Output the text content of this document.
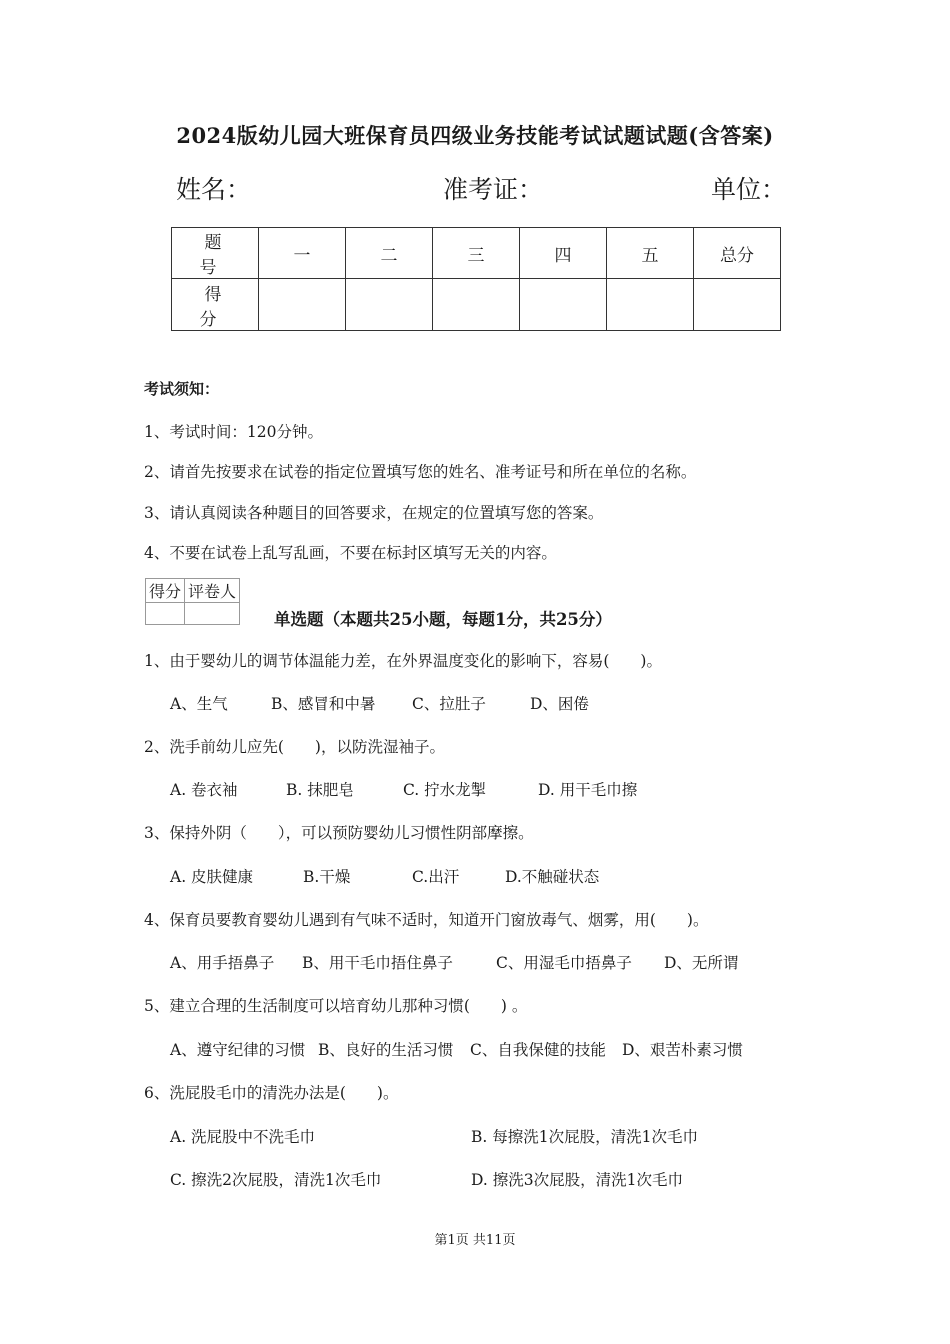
2024版幼儿园大班保育员四级业务技能考试试题试题(含答案)
姓名：	准考证：	单位：
题 号	一	二	三	四	五	总分
得 分						
考试须知：
1、考试时间：120分钟。
2、请首先按要求在试卷的指定位置填写您的姓名、准考证号和所在单位的名称。
3、请认真阅读各种题目的回答要求，在规定的位置填写您的答案。
4、不要在试卷上乱写乱画，不要在标封区填写无关的内容。
得分	评卷人

单选题（本题共25小题，每题1分，共25分）
1、由于婴幼儿的调节体温能力差，在外界温度变化的影响下，容易(　　)。
A、生气	B、感冒和中暑 C、拉肚子	D、困倦
2、洗手前幼儿应先(　　)，以防洗湿袖子。
A. 卷衣袖	B. 抹肥皂	C. 拧水龙掣	D. 用干毛巾擦
3、保持外阴（　　），可以预防婴幼儿习惯性阴部摩擦。
A. 皮肤健康	B.干燥	C.出汗	D.不触碰状态
4、保育员要教育婴幼儿遇到有气味不适时，知道开门窗放毒气、烟雾，用(　　)。
A、用手捂鼻子 B、用干毛巾捂住鼻子	C、用湿毛巾捂鼻子 D、无所谓
5、建立合理的生活制度可以培育幼儿那种习惯(　　) 。
A、遵守纪律的习惯 B、良好的生活习惯 C、自我保健的技能 D、艰苦朴素习惯
6、洗屁股毛巾的清洗办法是(　　)。
A. 洗屁股中不洗毛巾	B. 每擦洗1次屁股，清洗1次毛巾
C. 擦洗2次屁股，清洗1次毛巾	D. 擦洗3次屁股，清洗1次毛巾
第1页 共11页
